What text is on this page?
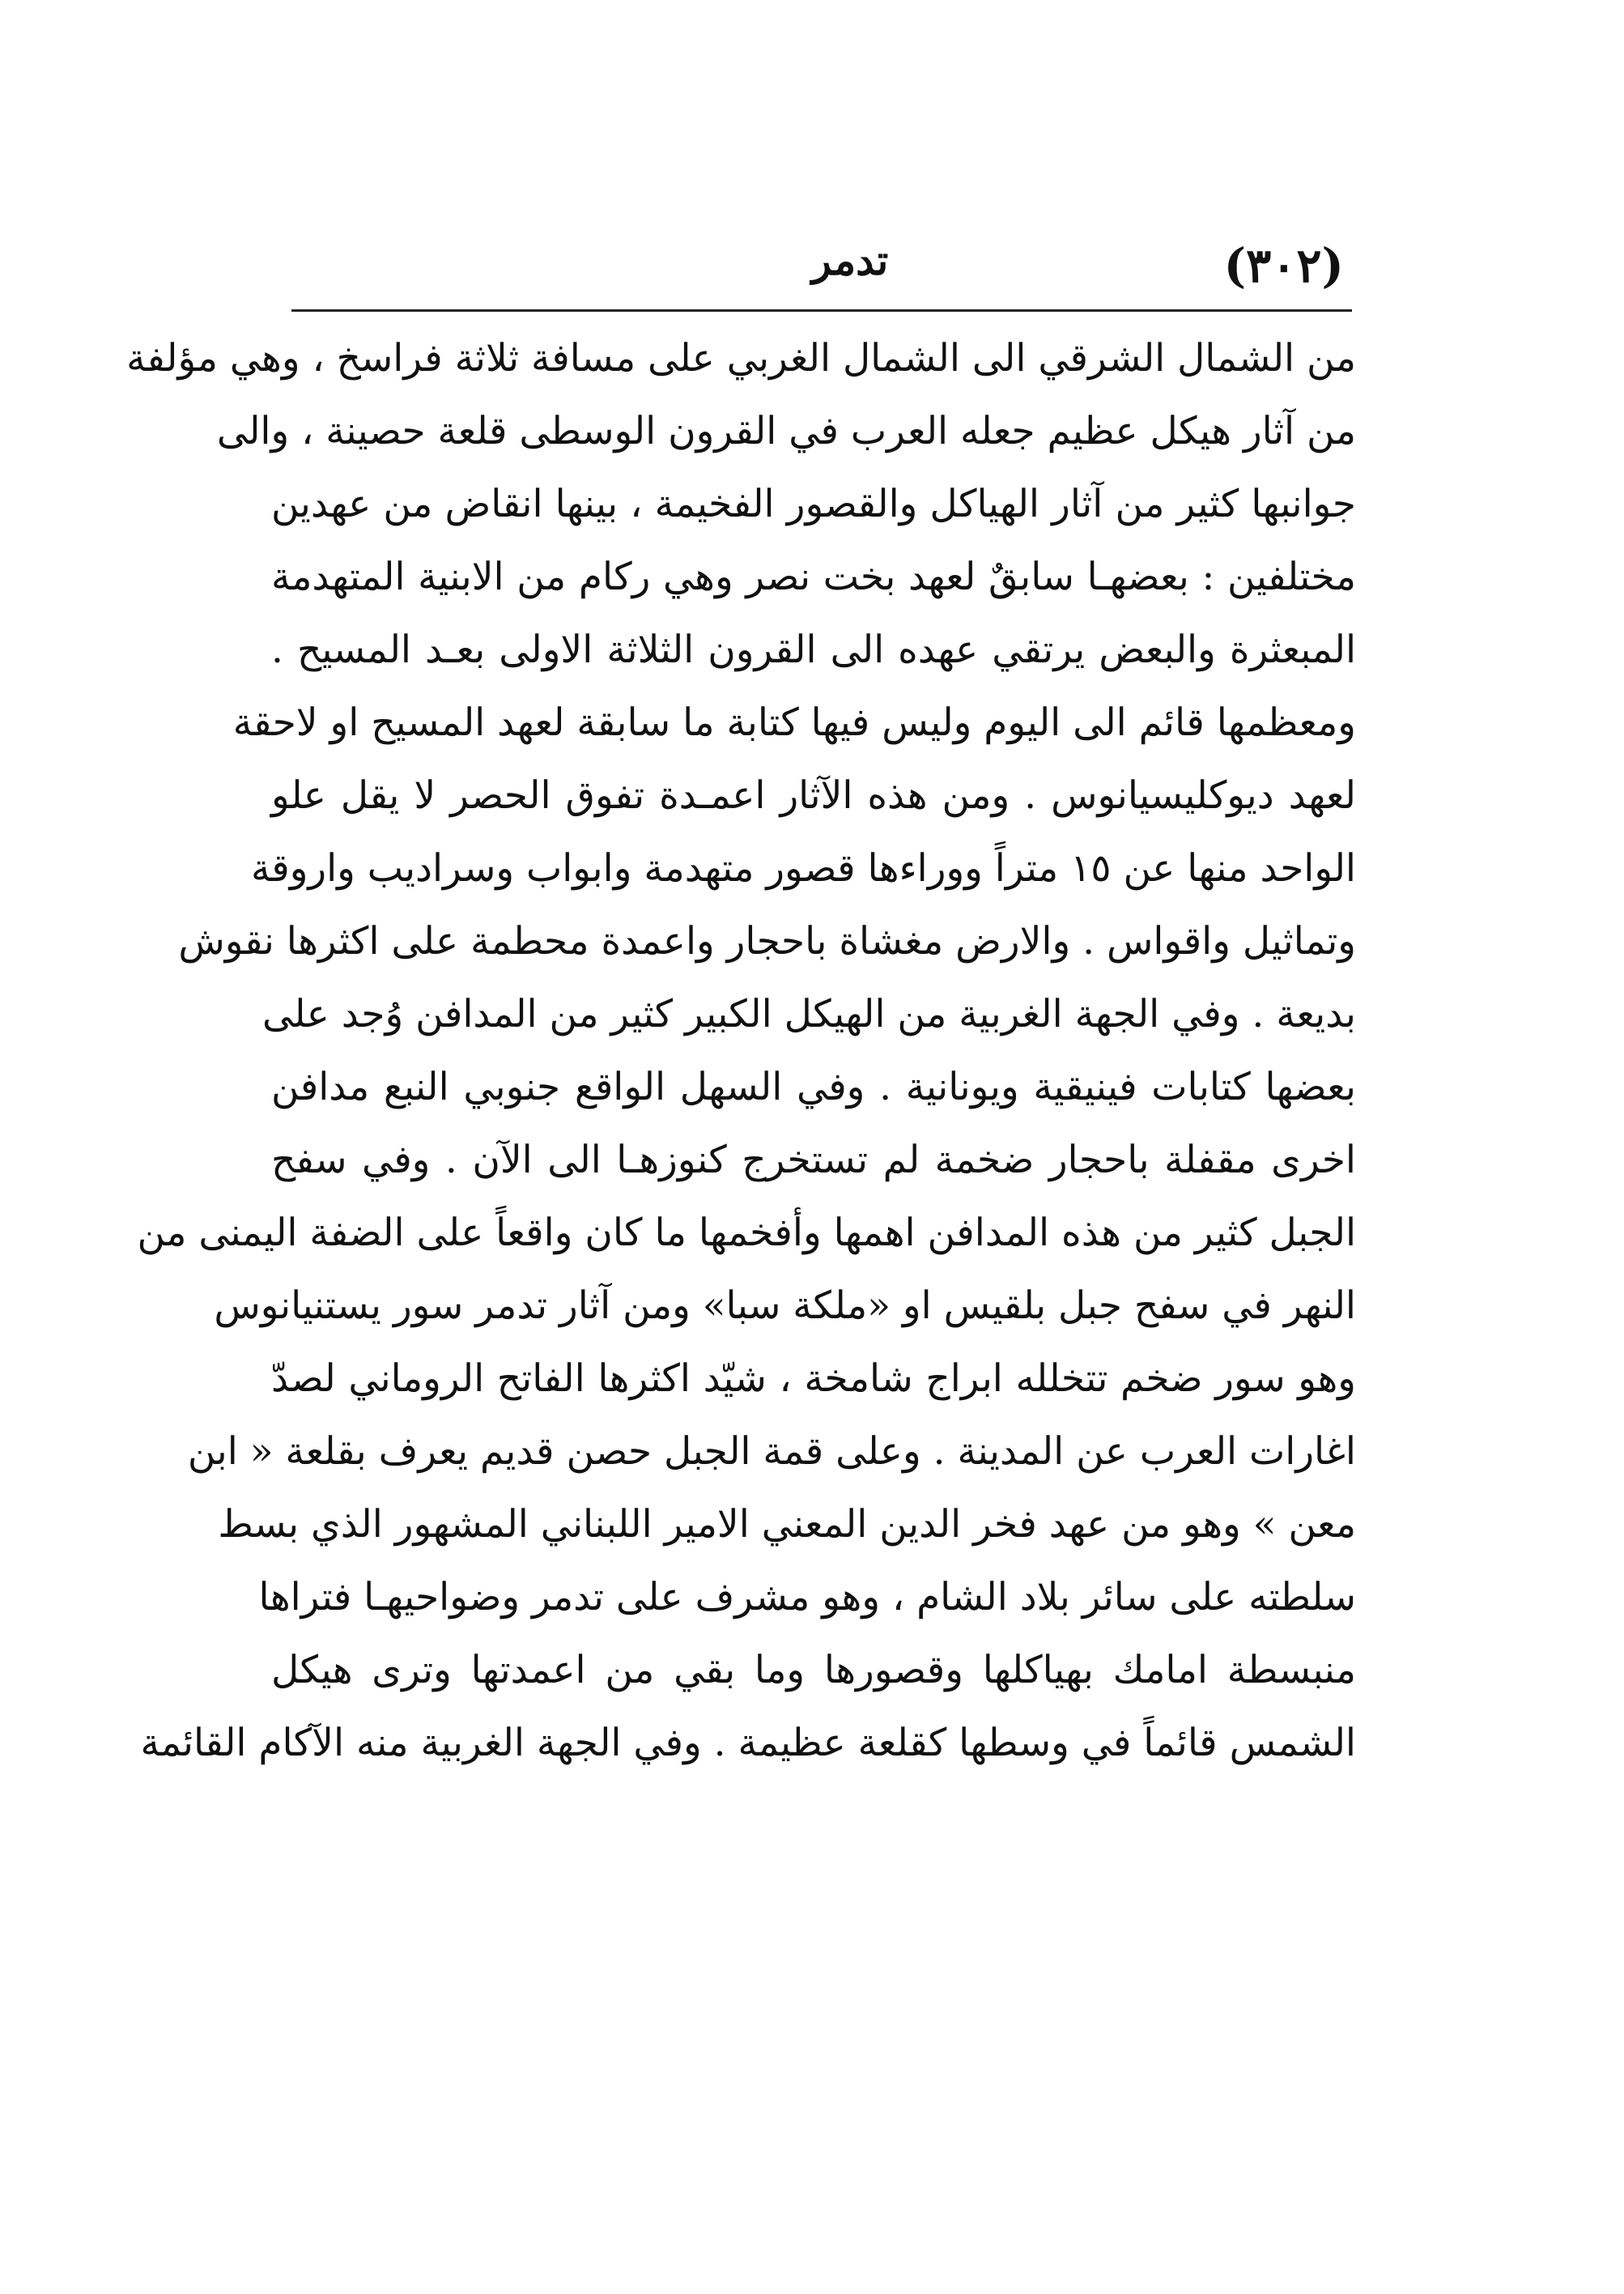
(٣٠٢)
تدمر
من الشمال الشرقي الى الشمال الغربي على مسافة ثلاثة فراسخ ، وهي مؤلفة
من آثار هيكل عظيم جعله العرب في القرون الوسطى قلعة حصينة ، والى
جوانبها كثير من آثار الهياكل والقصور الفخيمة ، بينها انقاض من عهدين
مختلفين : بعضهـا سابقٌ لعهد بخت نصر وهي ركام من الابنية المتهدمة
المبعثرة والبعض يرتقي عهده الى القرون الثلاثة الاولى بعـد المسيح .
ومعظمها قائم الى اليوم وليس فيها كتابة ما سابقة لعهد المسيح او لاحقة
لعهد ديوكليسيانوس . ومن هذه الآثار اعمـدة تفوق الحصر لا يقل علو
الواحد منها عن ١٥ متراً ووراءها قصور متهدمة وابواب وسراديب واروقة
وتماثيل واقواس . والارض مغشاة باحجار واعمدة محطمة على اكثرها نقوش
بديعة . وفي الجهة الغربية من الهيكل الكبير كثير من المدافن وُجد على
بعضها كتابات فينيقية ويونانية . وفي السهل الواقع جنوبي النبع مدافن
اخرى مقفلة باحجار ضخمة لم تستخرج كنوزهـا الى الآن . وفي سفح
الجبل كثير من هذه المدافن اهمها وأفخمها ما كان واقعاً على الضفة اليمنى من
النهر في سفح جبل بلقيس او «ملكة سبا» ومن آثار تدمر سور يستنيانوس
وهو سور ضخم تتخلله ابراج شامخة ، شيّد اكثرها الفاتح الروماني لصدّ
اغارات العرب عن المدينة . وعلى قمة الجبل حصن قديم يعرف بقلعة « ابن
معن » وهو من عهد فخر الدين المعني الامير اللبناني المشهور الذي بسط
سلطته على سائر بلاد الشام ، وهو مشرف على تدمر وضواحيهـا فتراها
منبسطة امامك بهياكلها وقصورها وما بقي من اعمدتها وترى هيكل
الشمس قائماً في وسطها كقلعة عظيمة . وفي الجهة الغربية منه الآكام القائمة
